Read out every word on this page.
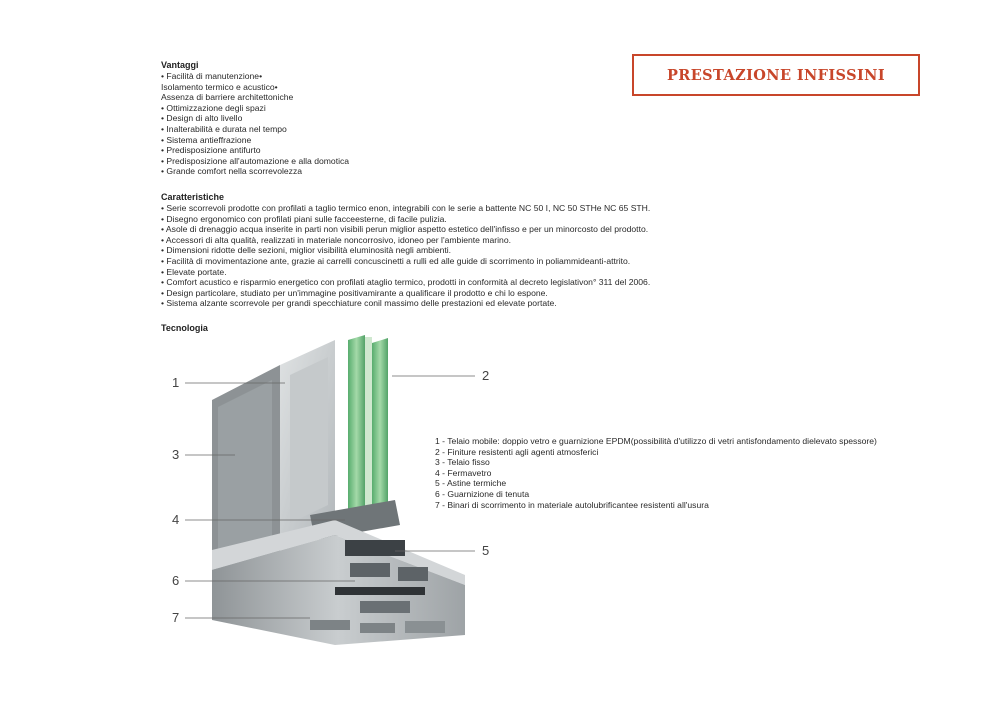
PRESTAZIONE INFISSINI
Vantaggi
• Facilità di manutenzione•
Isolamento termico e acustico•
Assenza di barriere architettoniche
• Ottimizzazione degli spazi
• Design di alto livello
• Inalterabilità e durata nel tempo
• Sistema antieffrazione
• Predisposizione antifurto
• Predisposizione all'automazione e alla domotica
• Grande comfort nella scorrevolezza
Caratteristiche
• Serie scorrevoli prodotte con profilati a taglio termico enon, integrabili con le serie a battente NC 50 I, NC 50 STHe NC 65 STH.
• Disegno ergonomico con profilati piani sulle facceesterne, di facile pulizia.
• Asole di drenaggio acqua inserite in parti non visibili perun miglior aspetto estetico dell'infisso e per un minorcosto del prodotto.
• Accessori di alta qualità, realizzati in materiale noncorrosivo, idoneo per l'ambiente marino.
• Dimensioni ridotte delle sezioni, miglior visibilità eluminosità negli ambienti.
• Facilità di movimentazione ante, grazie ai carrelli concuscinetti a rulli ed alle guide di scorrimento in poliammideanti-attrito.
• Elevate portate.
• Comfort acustico e risparmio energetico con profilati ataglio termico, prodotti in conformità al decreto legislativon° 311 del 2006.
• Design particolare, studiato per un'immagine positivamirante a qualificare il prodotto e chi lo espone.
• Sistema alzante scorrevole per grandi specchiature conil massimo delle prestazioni ed elevate portate.
Tecnologia
1	2
3
4
5
6
7
1 - Telaio mobile: doppio vetro e guarnizione EPDM(possibilità d'utilizzo di vetri antisfondamento dielevato spessore)
2 - Finiture resistenti agli agenti atmosferici
3 - Telaio fisso
4 - Fermavetro
5 - Astine termiche
6 - Guarnizione di tenuta
7 - Binari di scorrimento in materiale autolubrificantee resistenti all'usura
